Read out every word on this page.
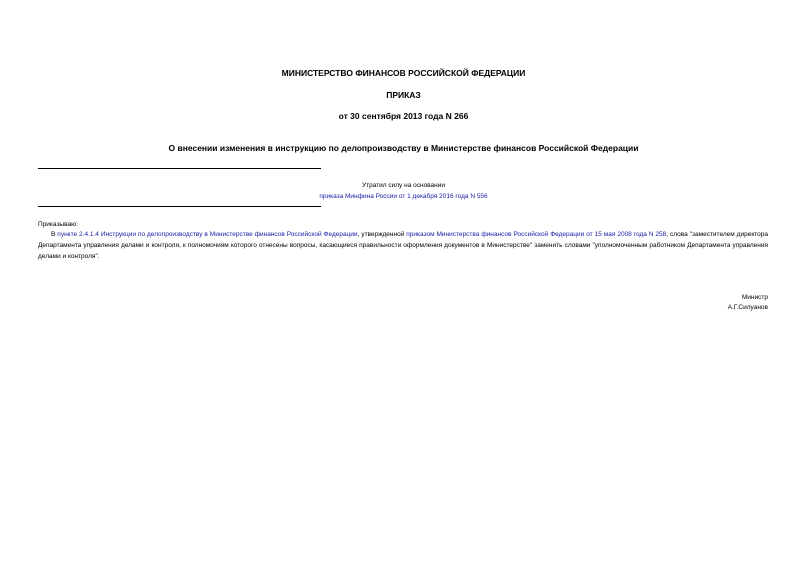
МИНИСТЕРСТВО ФИНАНСОВ РОССИЙСКОЙ ФЕДЕРАЦИИ
ПРИКАЗ
от 30 сентября 2013 года N 266
О внесении изменения в инструкцию по делопроизводству в Министерстве финансов Российской Федерации
Утратил силу на основании
приказа Минфина России от 1 декабря 2016 года N 556
Приказываю:
В пункте 2.4.1.4 Инструкции по делопроизводству в Министерстве финансов Российской Федерации, утвержденной приказом Министерства финансов Российской Федерации от 15 мая 2008 года N 258, слова "заместителем директора Департамента управления делами и контроля, к полномочиям которого отнесены вопросы, касающиеся правильности оформления документов в Министерстве" заменить словами "уполномоченным работником Департамента управления делами и контроля".
Министр
А.Г.Силуанов
